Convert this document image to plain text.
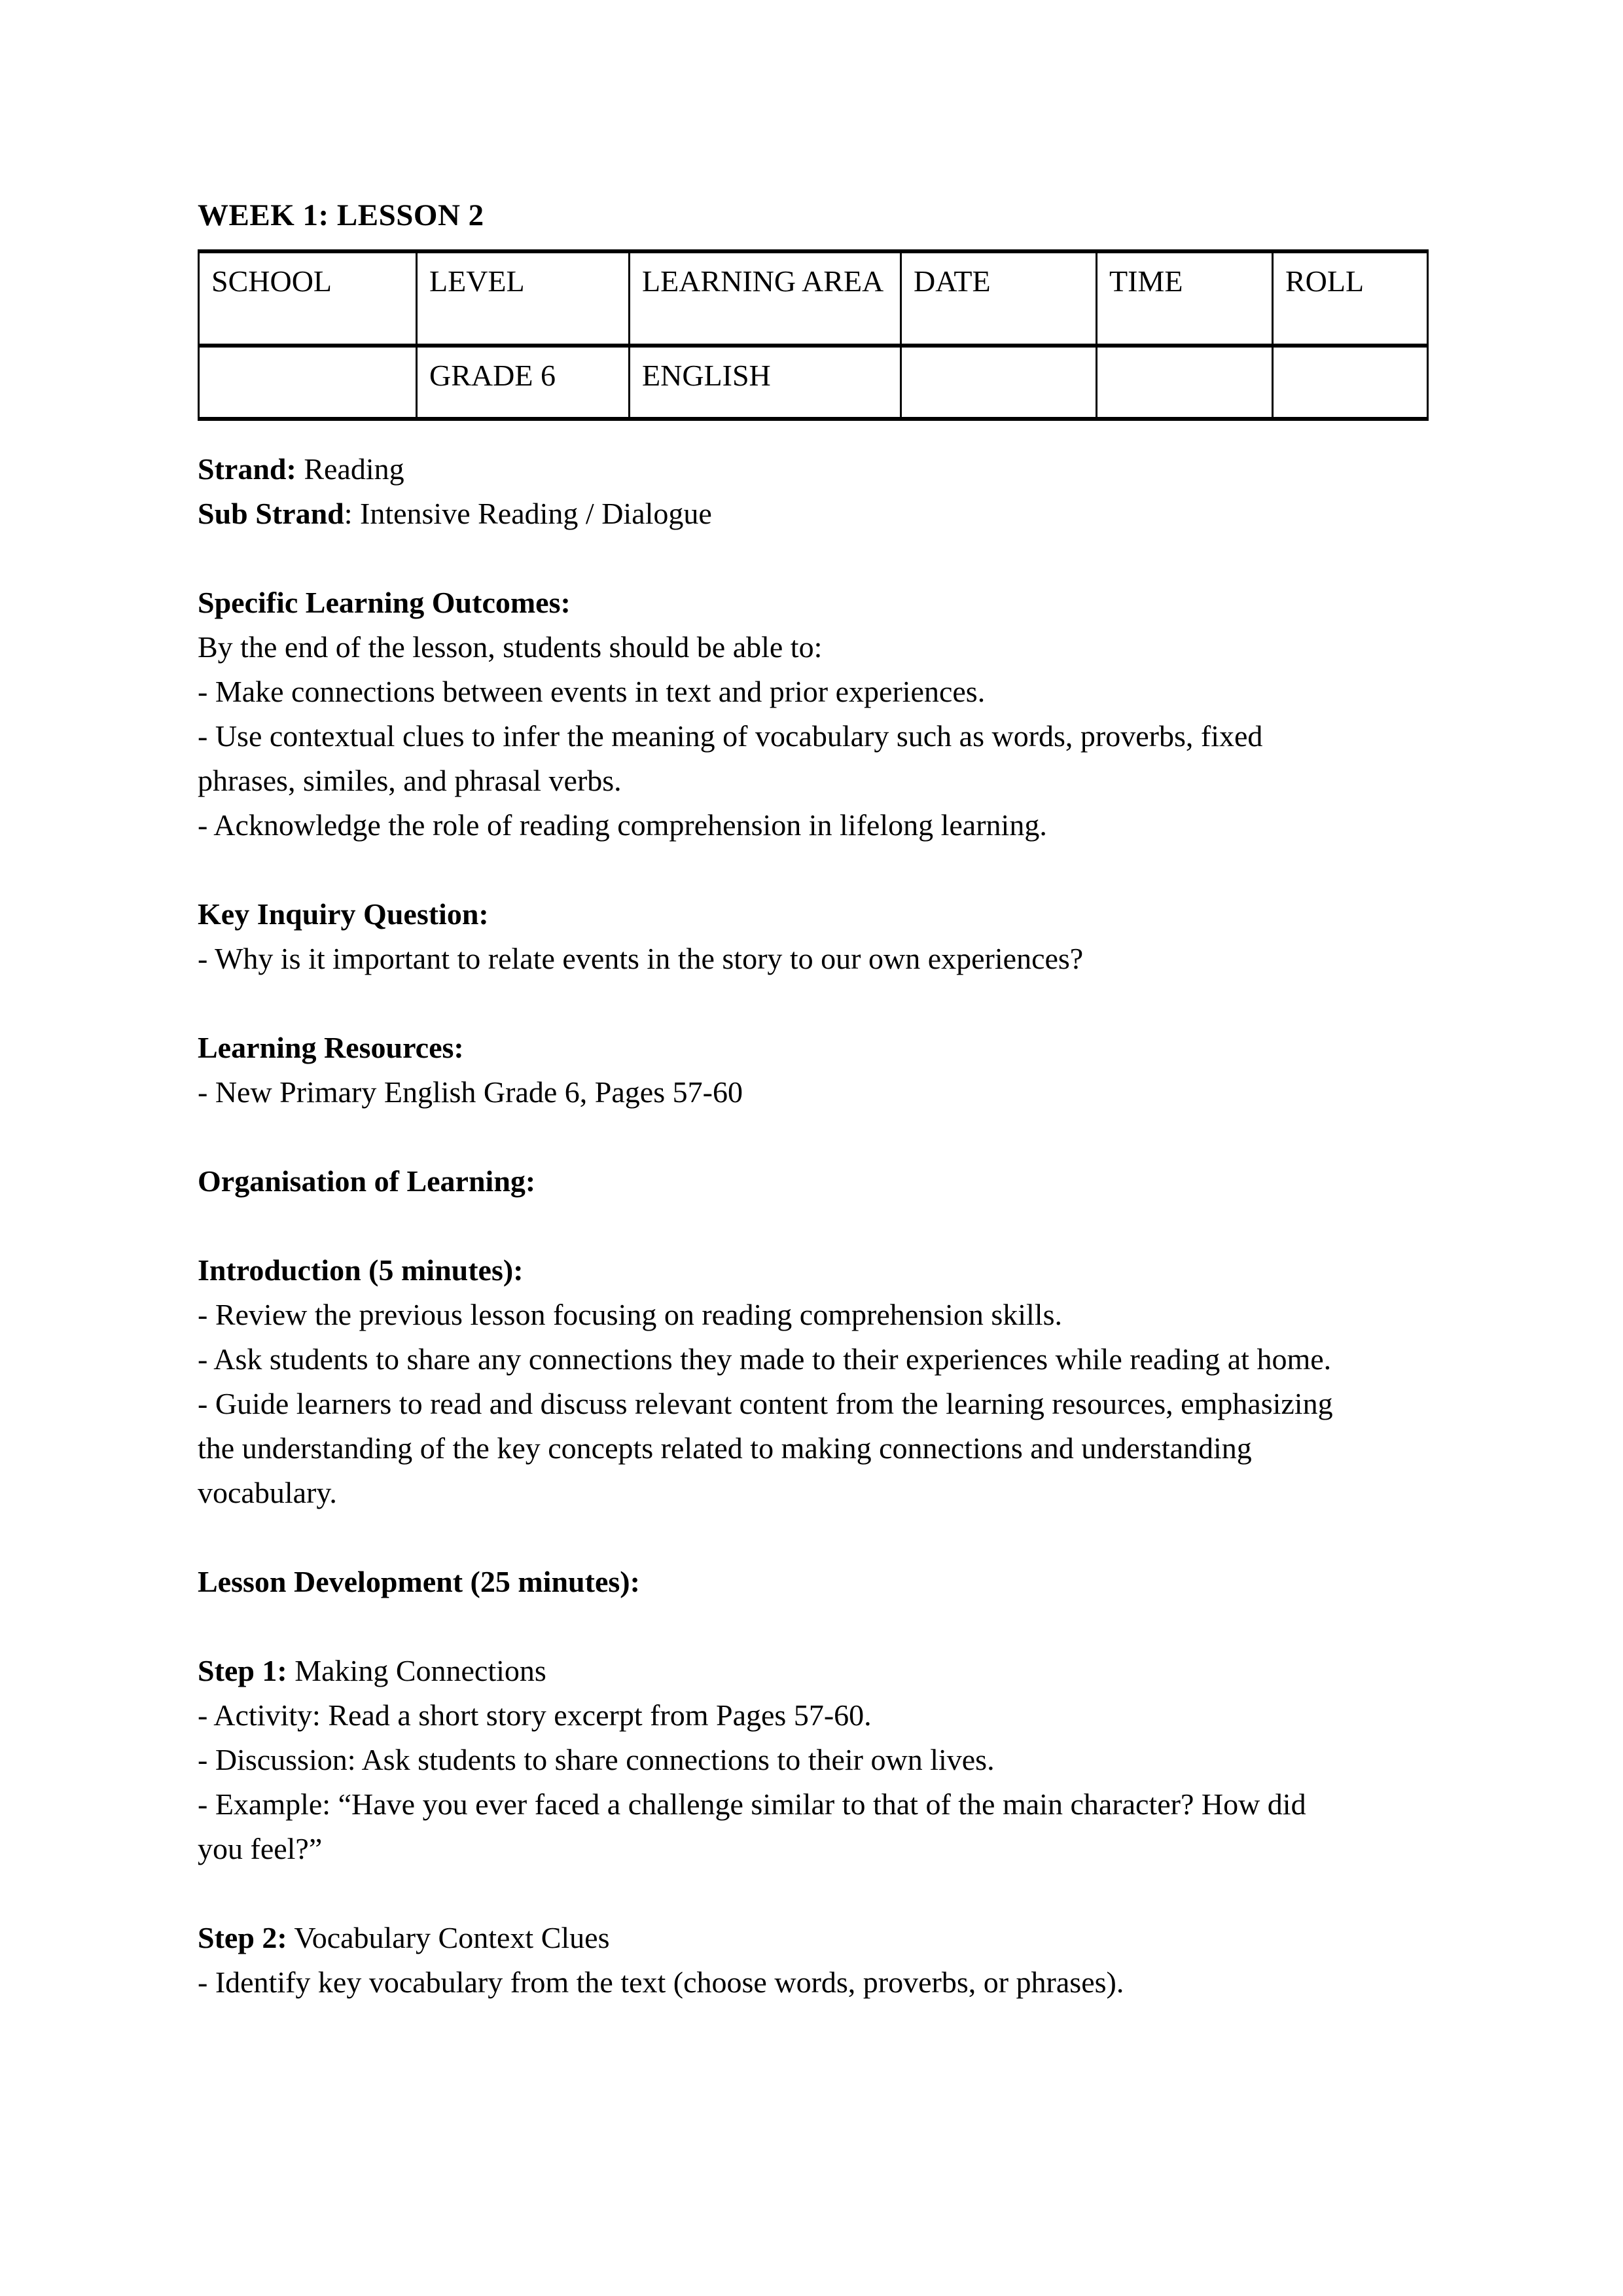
WEEK 1: LESSON 2
SCHOOL	LEVEL	LEARNING AREA	DATE	TIME	ROLL
	GRADE 6	ENGLISH			
Strand: Reading
Sub Strand: Intensive Reading / Dialogue
Specific Learning Outcomes:
By the end of the lesson, students should be able to:
- Make connections between events in text and prior experiences.
- Use contextual clues to infer the meaning of vocabulary such as words, proverbs, fixed
phrases, similes, and phrasal verbs.
- Acknowledge the role of reading comprehension in lifelong learning.
Key Inquiry Question:
- Why is it important to relate events in the story to our own experiences?
Learning Resources:
- New Primary English Grade 6, Pages 57-60
Organisation of Learning:
Introduction (5 minutes):
- Review the previous lesson focusing on reading comprehension skills.
- Ask students to share any connections they made to their experiences while reading at home.
- Guide learners to read and discuss relevant content from the learning resources, emphasizing
the understanding of the key concepts related to making connections and understanding
vocabulary.
Lesson Development (25 minutes):
Step 1: Making Connections
- Activity: Read a short story excerpt from Pages 57-60.
- Discussion: Ask students to share connections to their own lives.
- Example: “Have you ever faced a challenge similar to that of the main character? How did
you feel?”
Step 2: Vocabulary Context Clues
- Identify key vocabulary from the text (choose words, proverbs, or phrases).
